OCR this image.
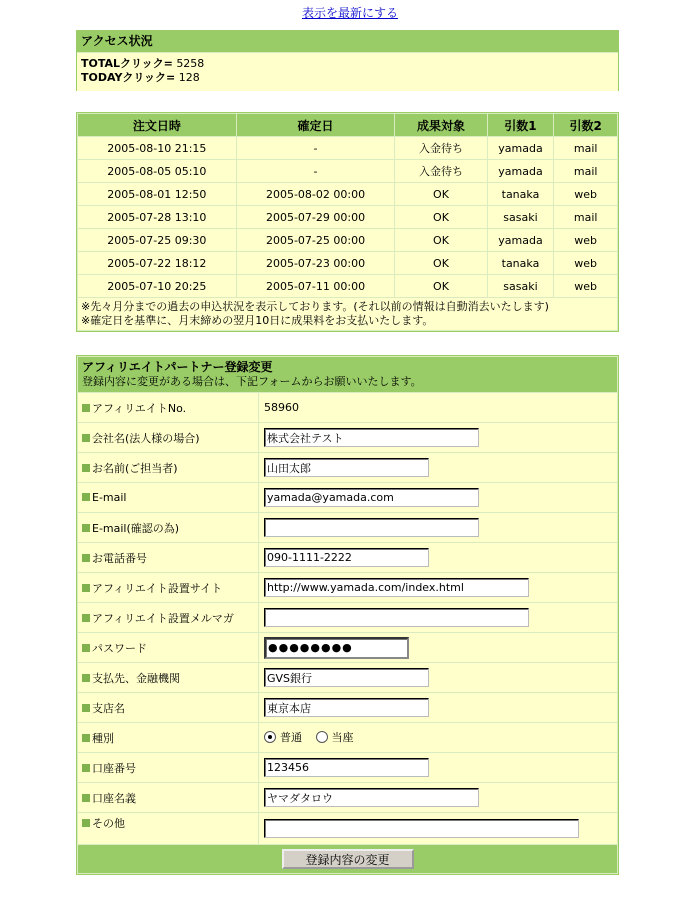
表示を最新にする
アクセス状況
TOTALクリック= 5258
TODAYクリック= 128
注文日時	確定日	成果対象	引数1	引数2
2005-08-10 21:15	-	入金待ち	yamada	mail
2005-08-05 05:10	-	入金待ち	yamada	mail
2005-08-01 12:50	2005-08-02 00:00	OK	tanaka	web
2005-07-28 13:10	2005-07-29 00:00	OK	sasaki	mail
2005-07-25 09:30	2005-07-25 00:00	OK	yamada	web
2005-07-22 18:12	2005-07-23 00:00	OK	tanaka	web
2005-07-10 20:25	2005-07-11 00:00	OK	sasaki	web

※先々月分までの過去の申込状況を表示しております。(それ以前の情報は自動消去いたします)
※確定日を基準に、月末締めの翌月10日に成果料をお支払いたします。				
アフィリエイトパートナー登録変更
登録内容に変更がある場合は、下記フォームからお願いいたします。	
アフィリエイトNo.	58960
会社名(法人様の場合)	株式会社テスト
お名前(ご担当者)	山田太郎
E-mail	yamada@yamada.com
E-mail(確認の為)	
お電話番号	090-1111-2222
アフィリエイト設置サイト	http://www.yamada.com/index.html
アフィリエイト設置メルマガ	
パスワード	●●●●●●●●
支払先、金融機関	GVS銀行
支店名	東京本店
種別	普通
当座

口座番号	123456
口座名義	ヤマダタロウ
その他	
登録内容の変更	
